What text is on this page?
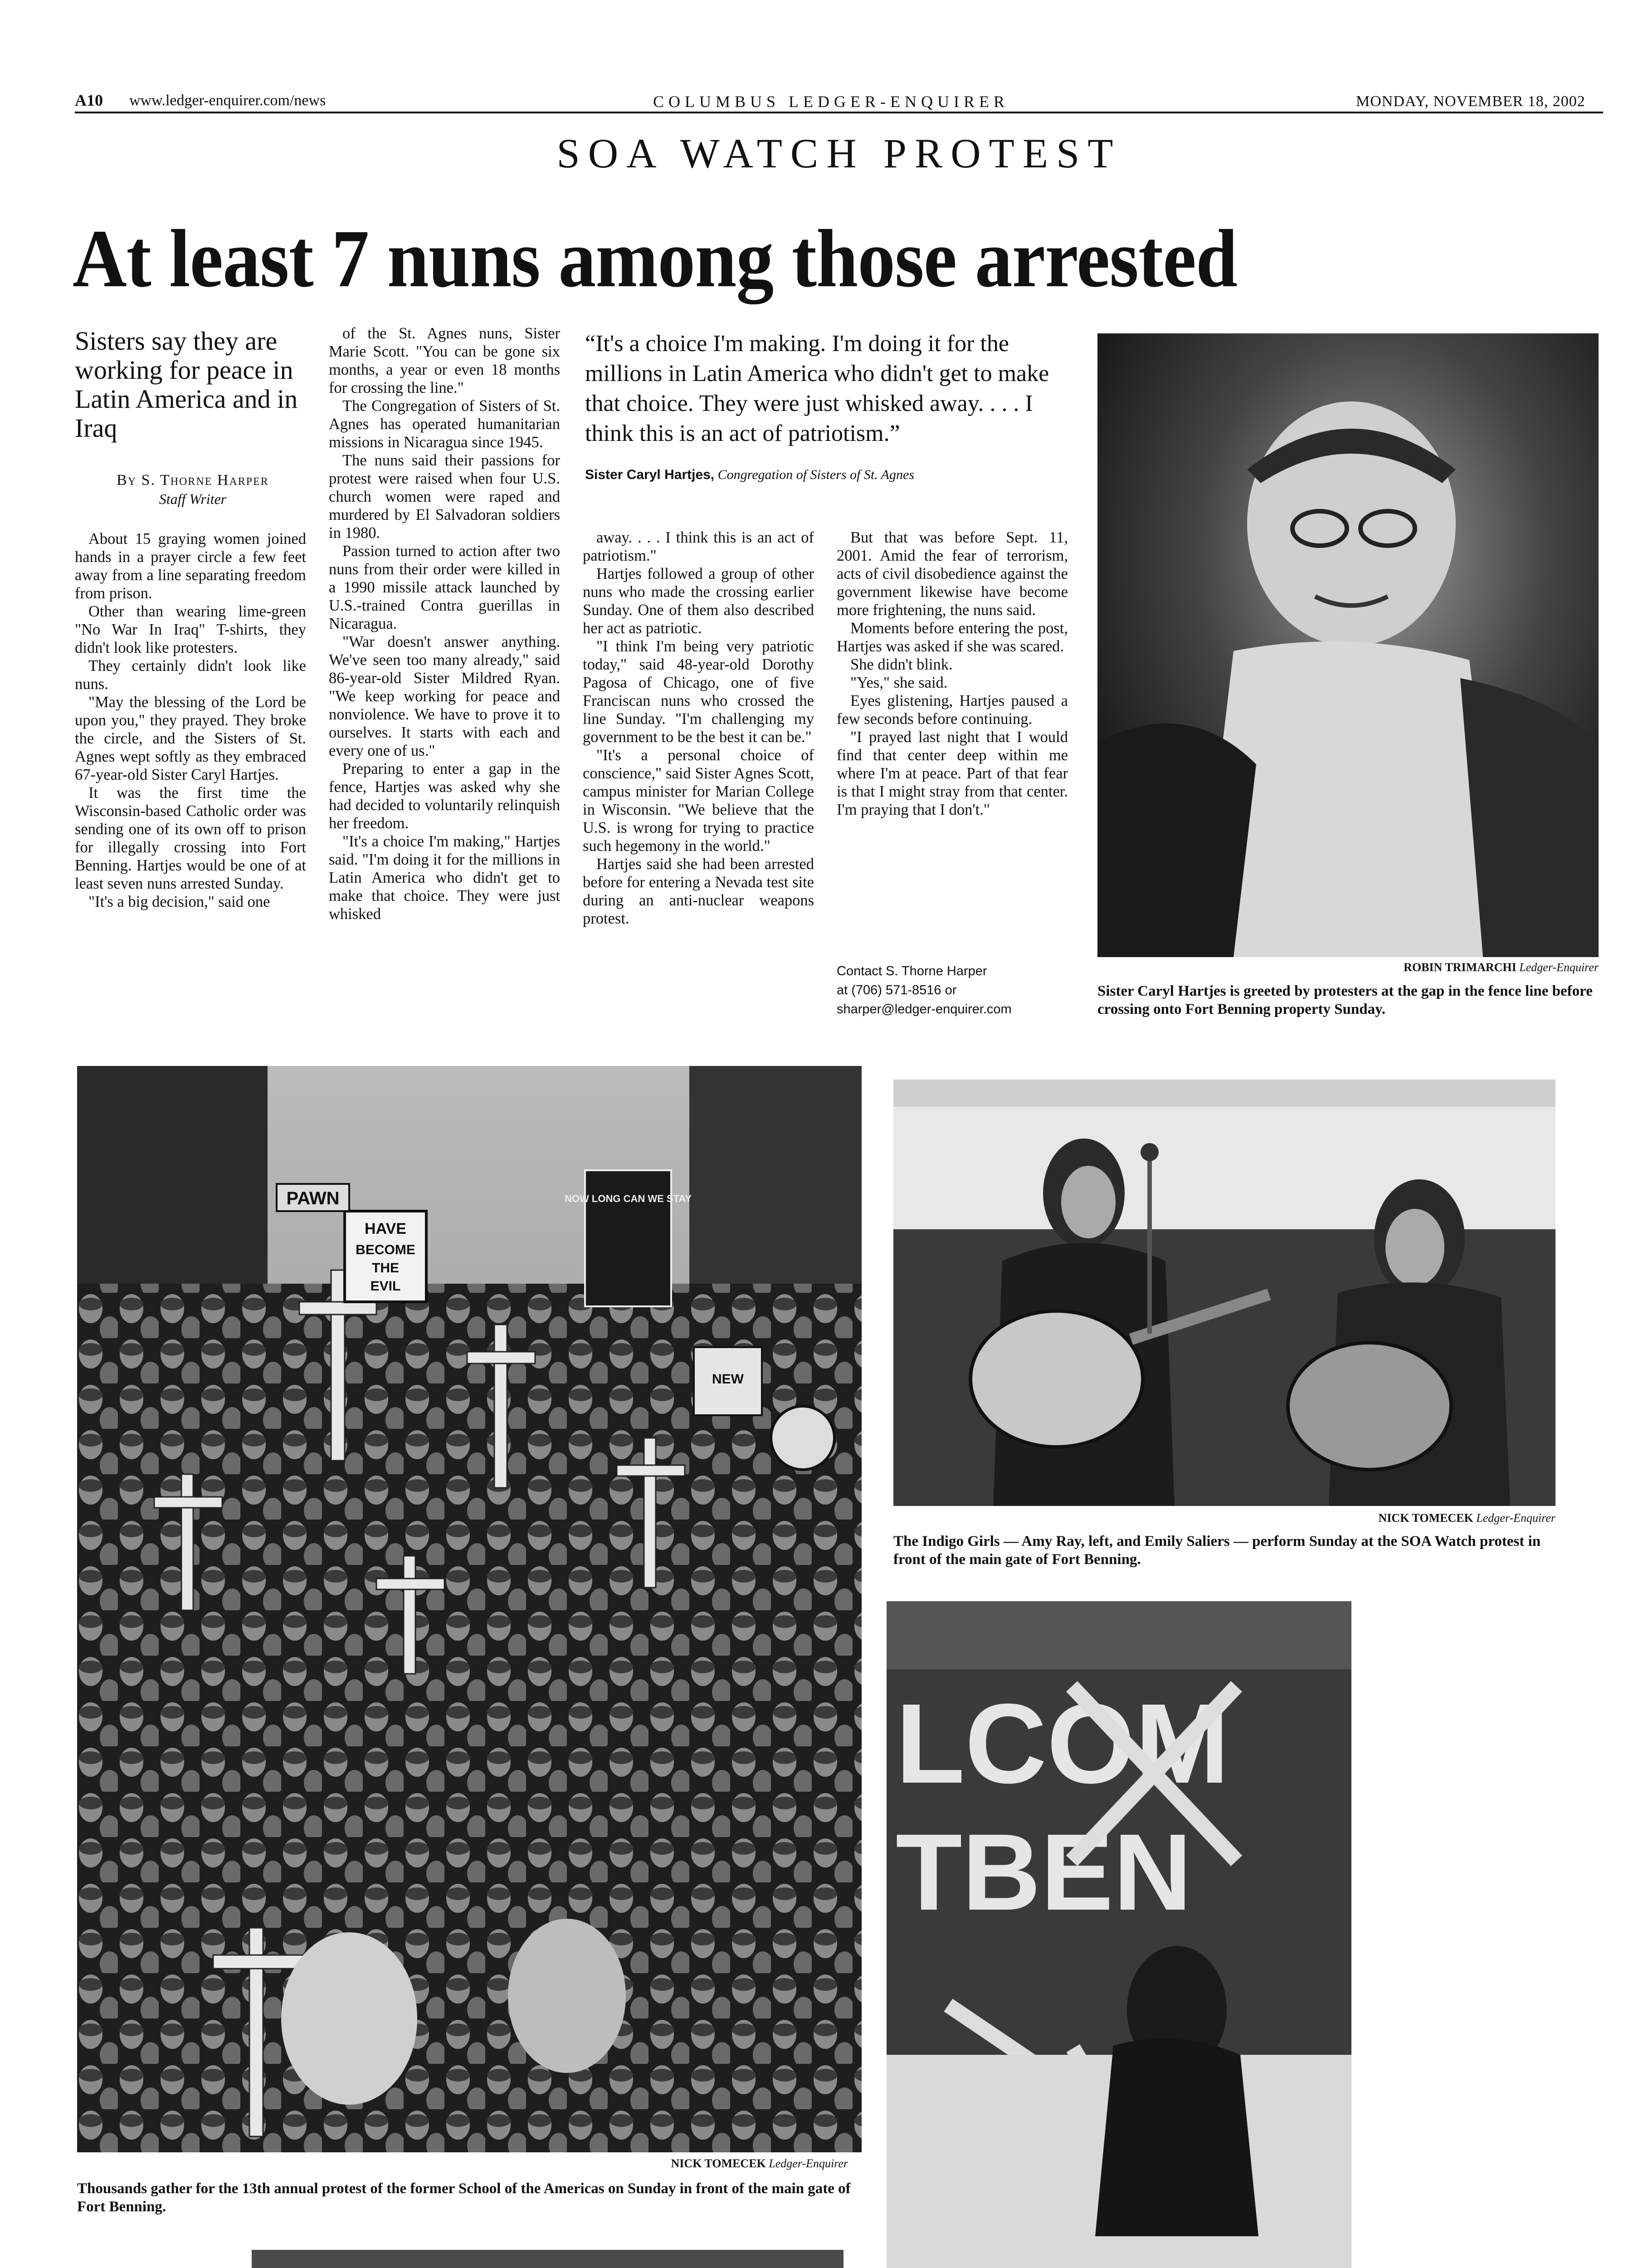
A10 www.ledger-enquirer.com/news	COLUMBUS LEDGER-ENQUIRER	MONDAY, NOVEMBER 18, 2002
SOA WATCH PROTEST
At least 7 nuns among those arrested
Sisters say they are working for peace in Latin America and in Iraq
By S. Thorne Harper
Staff Writer

About 15 graying women joined hands in a prayer circle a few feet away from a line separating freedom from prison.

Other than wearing lime-green "No War In Iraq" T-shirts, they didn't look like protesters.

They certainly didn't look like nuns.

"May the blessing of the Lord be upon you," they prayed. They broke the circle, and the Sisters of St. Agnes wept softly as they embraced 67-year-old Sister Caryl Hartjes.

It was the first time the Wisconsin-based Catholic order was sending one of its own off to prison for illegally crossing into Fort Benning. Hartjes would be one of at least seven nuns arrested Sunday.

"It's a big decision," said one

of the St. Agnes nuns, Sister Marie Scott. "You can be gone six months, a year or even 18 months for crossing the line."

The Congregation of Sisters of St. Agnes has operated humanitarian missions in Nicaragua since 1945.

The nuns said their passions for protest were raised when four U.S. church women were raped and murdered by El Salvadoran soldiers in 1980.

Passion turned to action after two nuns from their order were killed in a 1990 missile attack launched by U.S.-trained Contra guerillas in Nicaragua.

"War doesn't answer anything. We've seen too many already," said 86-year-old Sister Mildred Ryan. "We keep working for peace and nonviolence. We have to prove it to ourselves. It starts with each and every one of us."

Preparing to enter a gap in the fence, Hartjes was asked why she had decided to voluntarily relinquish her freedom.

"It's a choice I'm making," Hartjes said. "I'm doing it for the millions in Latin America who didn't get to make that choice. They were just whisked

away. . . . I think this is an act of patriotism."

Hartjes followed a group of other nuns who made the crossing earlier Sunday. One of them also described her act as patriotic.

"I think I'm being very patriotic today," said 48-year-old Dorothy Pagosa of Chicago, one of five Franciscan nuns who crossed the line Sunday. "I'm challenging my government to be the best it can be."

"It's a personal choice of conscience," said Sister Agnes Scott, campus minister for Marian College in Wisconsin. "We believe that the U.S. is wrong for trying to practice such hegemony in the world."

Hartjes said she had been arrested before for entering a Nevada test site during an anti-nuclear weapons protest.

But that was before Sept. 11, 2001. Amid the fear of terrorism, acts of civil disobedience against the government likewise have become more frightening, the nuns said.

Moments before entering the post, Hartjes was asked if she was scared.

She didn't blink.

"Yes," she said.

Eyes glistening, Hartjes paused a few seconds before continuing.

"I prayed last night that I would find that center deep within me where I'm at peace. Part of that fear is that I might stray from that center. I'm praying that I don't."

“It's a choice I'm making. I'm doing it for the millions in Latin America who didn't get to make that choice. They were just whisked away. . . . I think this is an act of patriotism.”
Sister Caryl Hartjes, Congregation of Sisters of St. Agnes
Contact S. Thorne Harper
at (706) 571-8516 or
sharper@ledger-enquirer.com
ROBIN TRIMARCHI Ledger-Enquirer
Sister Caryl Hartjes is greeted by protesters at the gap in the fence line before crossing onto Fort Benning property Sunday.
HAVE
BECOME
THE
EVIL
PAWN	NOW LONG CAN WE STAY
NEW
NICK TOMECEK Ledger-Enquirer
Thousands gather for the 13th annual protest of the former School of the Americas on Sunday in front of the main gate of Fort Benning.
NICK TOMECEK Ledger-Enquirer
The Indigo Girls — Amy Ray, left, and Emily Saliers — perform Sunday at the SOA Watch protest in front of the main gate of Fort Benning.
LCOM
TBEN
